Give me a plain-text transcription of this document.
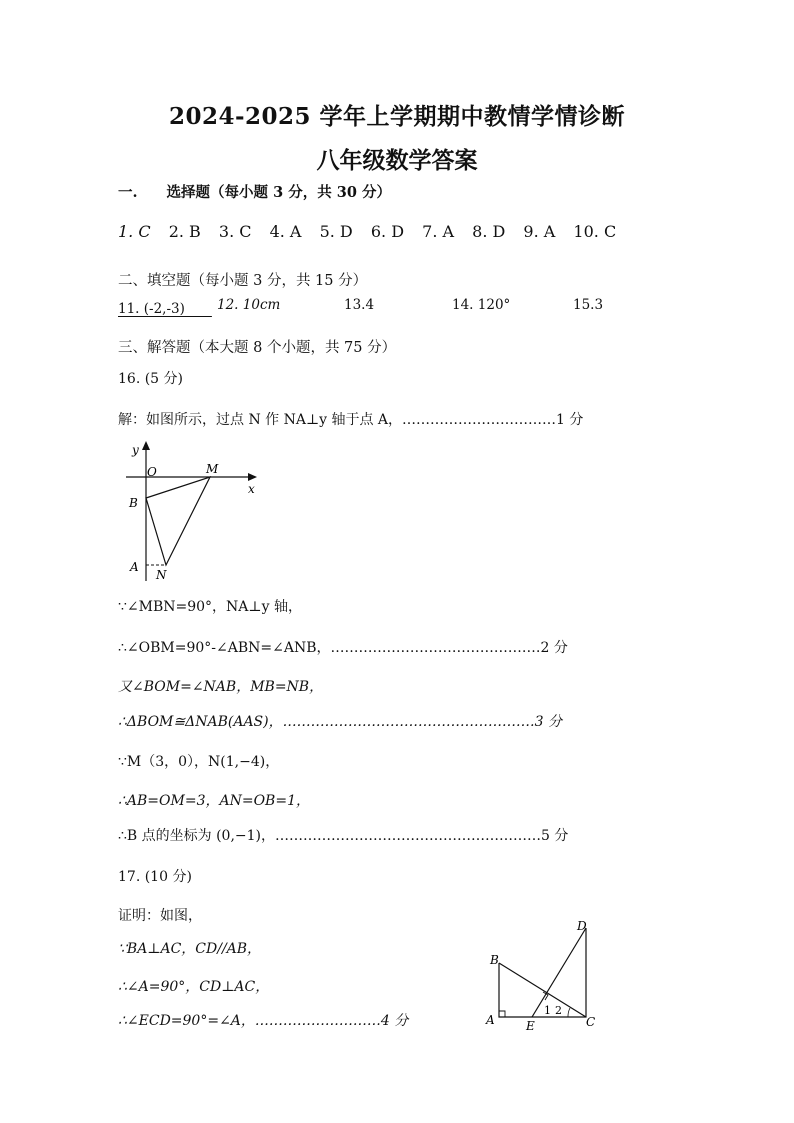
2024-2025 学年上学期期中教情学情诊断
八年级数学答案
一.　　选择题（每小题 3 分，共 30 分）
1. C 2. B 3. C 4. A 5. D 6. D 7. A 8. D 9. A 10. C
二、填空题（每小题 3 分，共 15 分）
11. (-2,-3)　　 12. 10cm	13.4	14. 120°	15.3
三、解答题（本大题 8 个小题，共 75 分）
16. (5 分)
解：如图所示，过点 N 作 NA⊥y 轴于点 A，……………………………1 分
y
O	M
x
B
A
N
∵∠MBN=90°，NA⊥y 轴，
∴∠OBM=90°-∠ABN=∠ANB，………………………………………2 分
又∠BOM=∠NAB，MB=NB，
∴ΔBOM≅ΔNAB(AAS)，………………………………………………3 分
∵M（3，0），N(1,−4)，
∴AB=OM=3，AN=OB=1，
∴B 点的坐标为 (0,−1)，…………………………………………………5 分
17. (10 分)
证明：如图，
∵BA⊥AC，CD//AB，
∴∠A=90°，CD⊥AC，
∴∠ECD=90°=∠A，………………………4 分
D
B
A	E	C
1 2
